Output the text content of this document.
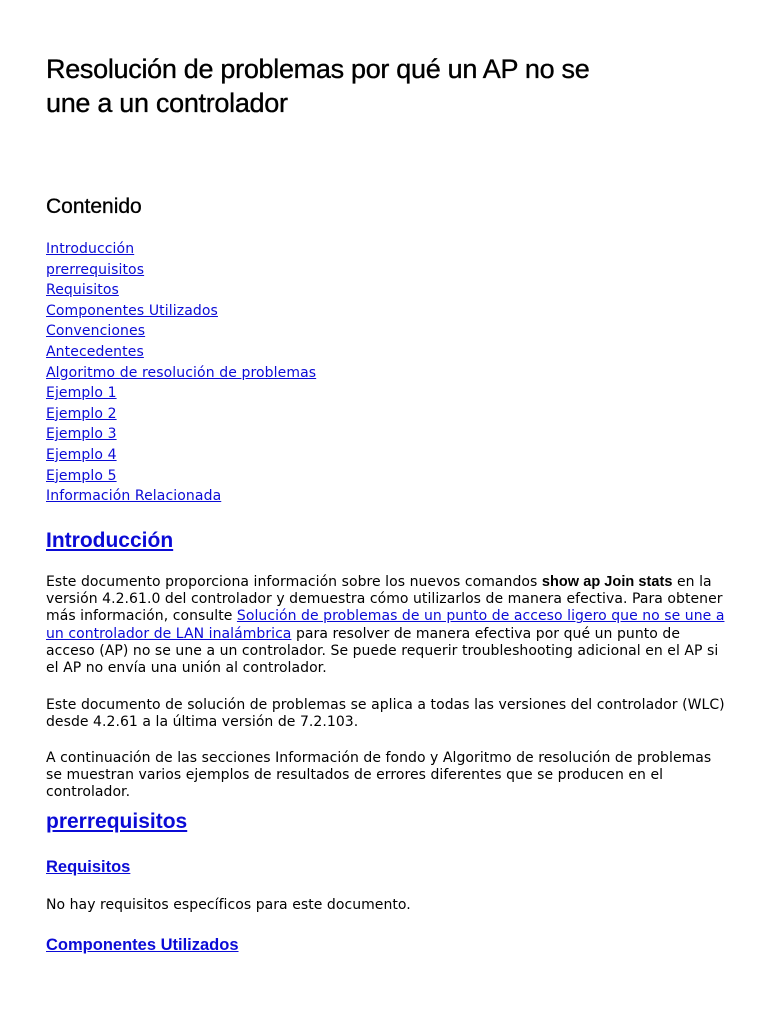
Resolución de problemas por qué un AP no se
une a un controlador
Contenido
Introducción
prerrequisitos
Requisitos
Componentes Utilizados
Convenciones
Antecedentes
Algoritmo de resolución de problemas
Ejemplo 1
Ejemplo 2
Ejemplo 3
Ejemplo 4
Ejemplo 5
Información Relacionada
Introducción

Este documento proporciona información sobre los nuevos comandos show ap Join stats en la versión 4.2.61.0 del controlador y demuestra cómo utilizarlos de manera efectiva. Para obtener más información, consulte Solución de problemas de un punto de acceso ligero que no se une a un controlador de LAN inalámbrica para resolver de manera efectiva por qué un punto de acceso (AP) no se une a un controlador. Se puede requerir troubleshooting adicional en el AP si el AP no envía una unión al controlador.

Este documento de solución de problemas se aplica a todas las versiones del controlador (WLC) desde 4.2.61 a la última versión de 7.2.103.

A continuación de las secciones Información de fondo y Algoritmo de resolución de problemas se muestran varios ejemplos de resultados de errores diferentes que se producen en el controlador.

prerrequisitos
Requisitos

No hay requisitos específicos para este documento.

Componentes Utilizados
